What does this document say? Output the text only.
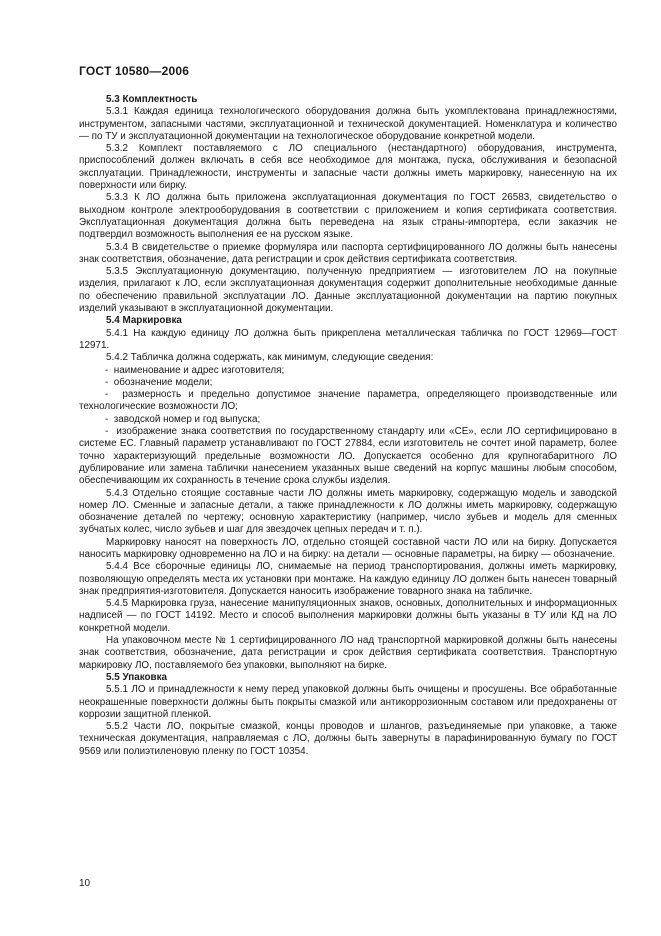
ГОСТ 10580—2006

5.3 Комплектность

5.3.1 Каждая единица технологического оборудования должна быть укомплектована принадлежностями, инструментом, запасными частями, эксплуатационной и технической документацией. Номенклатура и количество — по ТУ и эксплуатационной документации на технологическое оборудование конкретной модели.

5.3.2 Комплект поставляемого с ЛО специального (нестандартного) оборудования, инструмента, приспособлений должен включать в себя все необходимое для монтажа, пуска, обслуживания и безопасной эксплуатации. Принадлежности, инструменты и запасные части должны иметь маркировку, нанесенную на их поверхности или бирку.

5.3.3 К ЛО должна быть приложена эксплуатационная документация по ГОСТ 26583, свидетельство о выходном контроле электрооборудования в соответствии с приложением и копия сертификата соответствия. Эксплуатационная документация должна быть переведена на язык страны-импортера, если заказчик не подтвердил возможность выполнения ее на русском языке.

5.3.4 В свидетельстве о приемке формуляра или паспорта сертифицированного ЛО должны быть нанесены знак соответствия, обозначение, дата регистрации и срок действия сертификата соответствия.

5.3.5 Эксплуатационную документацию, полученную предприятием — изготовителем ЛО на покупные изделия, прилагают к ЛО, если эксплуатационная документация содержит дополнительные необходимые данные по обеспечению правильной эксплуатации ЛО. Данные эксплуатационной документации на партию покупных изделий указывают в эксплуатационной документации.

5.4 Маркировка

5.4.1 На каждую единицу ЛО должна быть прикреплена металлическая табличка по ГОСТ 12969—ГОСТ 12971.

5.4.2 Табличка должна содержать, как минимум, следующие сведения:

-  наименование и адрес изготовителя;

-  обозначение модели;

-  размерность и предельно допустимое значение параметра, определяющего производственные или технологические возможности ЛО;

-  заводской номер и год выпуска;

-  изображение знака соответствия по государственному стандарту или «СЕ», если ЛО сертифицировано в системе ЕС. Главный параметр устанавливают по ГОСТ 27884, если изготовитель не сочтет иной параметр, более точно характеризующий предельные возможности ЛО. Допускается особенно для крупногабаритного ЛО дублирование или замена таблички нанесением указанных выше сведений на корпус машины любым способом, обеспечивающим их сохранность в течение срока службы изделия.

5.4.3 Отдельно стоящие составные части ЛО должны иметь маркировку, содержащую модель и заводской номер ЛО. Сменные и запасные детали, а также принадлежности к ЛО должны иметь маркировку, содержащую обозначение деталей по чертежу; основную характеристику (например, число зубьев и модель для сменных зубчатых колес, число зубьев и шаг для звездочек цепных передач и т. п.).

Маркировку наносят на поверхность ЛО, отдельно стоящей составной части ЛО или на бирку. Допускается наносить маркировку одновременно на ЛО и на бирку: на детали — основные параметры, на бирку — обозначение.

5.4.4 Все сборочные единицы ЛО, снимаемые на период транспортирования, должны иметь маркировку, позволяющую определять места их установки при монтаже. На каждую единицу ЛО должен быть нанесен товарный знак предприятия-изготовителя. Допускается наносить изображение товарного знака на табличке.

5.4.5 Маркировка груза, нанесение манипуляционных знаков, основных, дополнительных и информационных надписей — по ГОСТ 14192. Место и способ выполнения маркировки должны быть указаны в ТУ или КД на ЛО конкретной модели.

На упаковочном месте № 1 сертифицированного ЛО над транспортной маркировкой должны быть нанесены знак соответствия, обозначение, дата регистрации и срок действия сертификата соответствия. Транспортную маркировку ЛО, поставляемого без упаковки, выполняют на бирке.

5.5 Упаковка

5.5.1 ЛО и принадлежности к нему перед упаковкой должны быть очищены и просушены. Все обработанные неокрашенные поверхности должны быть покрыты смазкой или антикоррозионным составом или предохранены от коррозии защитной пленкой.

5.5.2 Части ЛО, покрытые смазкой, концы проводов и шлангов, разъединяемые при упаковке, а также техническая документация, направляемая с ЛО, должны быть завернуты в парафинированную бумагу по ГОСТ 9569 или полиэтиленовую пленку по ГОСТ 10354.

10
